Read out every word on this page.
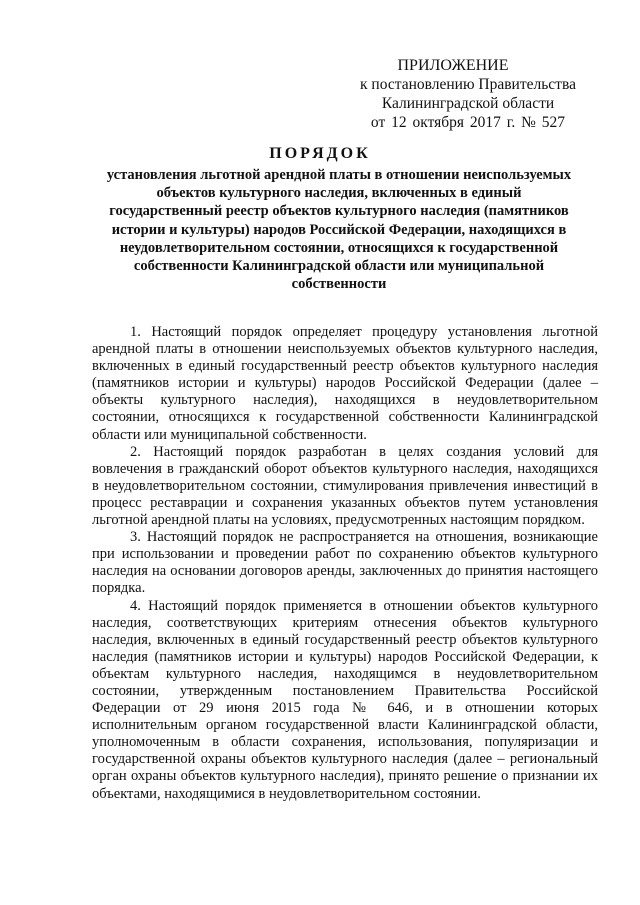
ПРИЛОЖЕНИЕ
к постановлению Правительства
Калининградской области
от 12 октября 2017 г. № 527
ПОРЯДОК
установления льготной арендной платы в отношении неиспользуемых объектов культурного наследия, включенных в единый государственный реестр объектов культурного наследия (памятников истории и культуры) народов Российской Федерации, находящихся в неудовлетворительном состоянии, относящихся к государственной собственности Калининградской области или муниципальной собственности

1. Настоящий порядок определяет процедуру установления льготной арендной платы в отношении неиспользуемых объектов культурного наследия, включенных в единый государственный реестр объектов культурного наследия (памятников истории и культуры) народов Российской Федерации (далее – объекты культурного наследия), находящихся в неудовлетворительном состоянии, относящихся к государственной собственности Калининградской области или муниципальной собственности.

2. Настоящий порядок разработан в целях создания условий для вовлечения в гражданский оборот объектов культурного наследия, находящихся в неудовлетворительном состоянии, стимулирования привлечения инвестиций в процесс реставрации и сохранения указанных объектов путем установления льготной арендной платы на условиях, предусмотренных настоящим порядком.

3. Настоящий порядок не распространяется на отношения, возникающие при использовании и проведении работ по сохранению объектов культурного наследия на основании договоров аренды, заключенных до принятия настоящего порядка.

4. Настоящий порядок применяется в отношении объектов культурного наследия, соответствующих критериям отнесения объектов культурного наследия, включенных в единый государственный реестр объектов культурного наследия (памятников истории и культуры) народов Российской Федерации, к объектам культурного наследия, находящимся в неудовлетворительном состоянии, утвержденным постановлением Правительства Российской Федерации от 29 июня 2015 года № 646, и в отношении которых исполнительным органом государственной власти Калининградской области, уполномоченным в области сохранения, использования, популяризации и государственной охраны объектов культурного наследия (далее – региональный орган охраны объектов культурного наследия), принято решение о признании их объектами, находящимися в неудовлетворительном состоянии.
